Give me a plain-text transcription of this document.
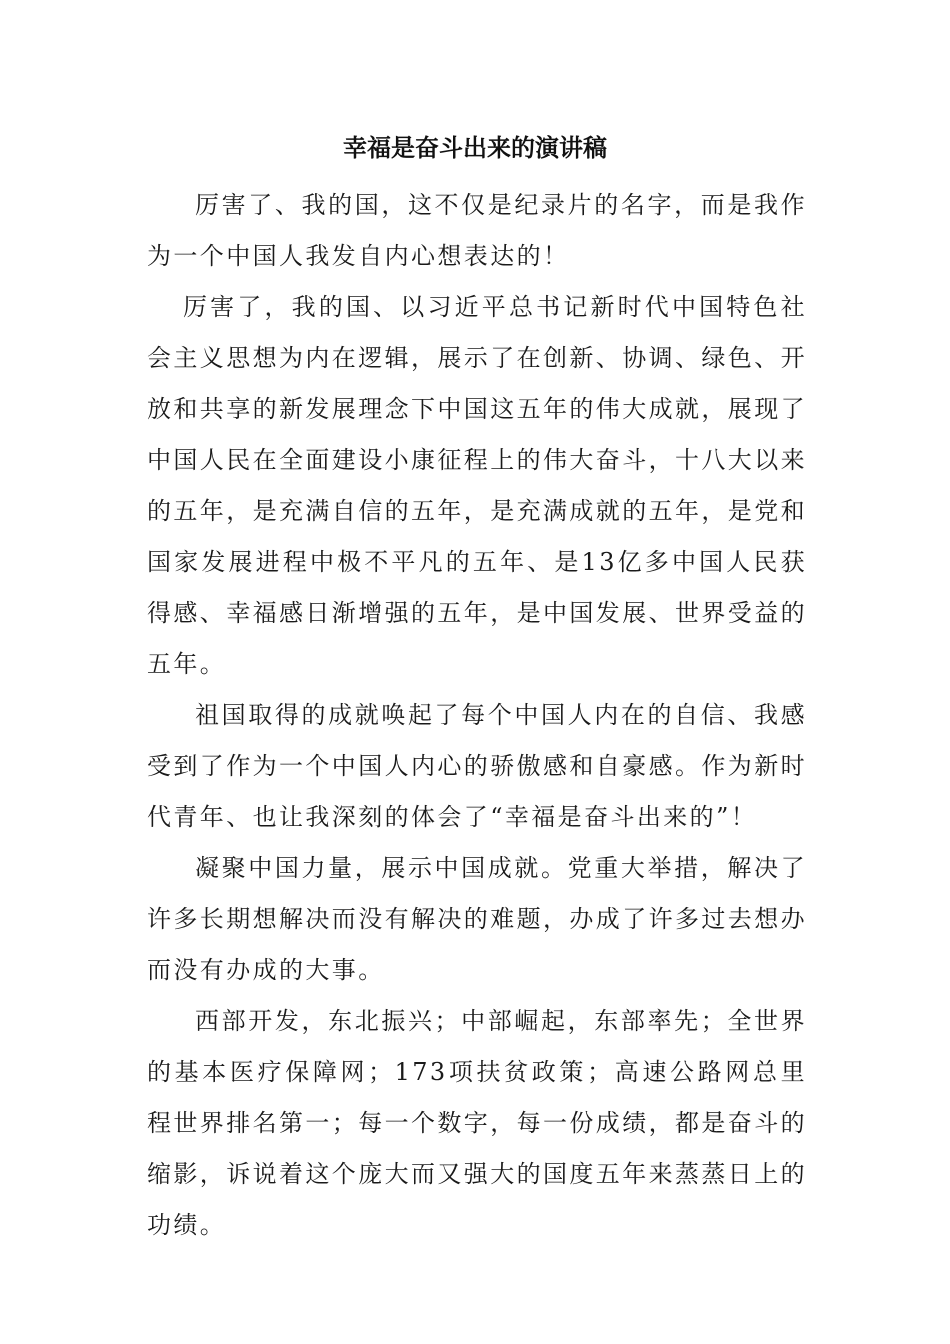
幸福是奋斗出来的演讲稿

厉害了、我的国，这不仅是纪录片的名字，而是我作为一个中国人我发自内心想表达的！

厉害了，我的国、以习近平总书记新时代中国特色社会主义思想为内在逻辑，展示了在创新、协调、绿色、开放和共享的新发展理念下中国这五年的伟大成就，展现了中国人民在全面建设小康征程上的伟大奋斗，十八大以来的五年，是充满自信的五年，是充满成就的五年，是党和国家发展进程中极不平凡的五年、是13亿多中国人民获得感、幸福感日渐增强的五年，是中国发展、世界受益的五年。

祖国取得的成就唤起了每个中国人内在的自信、我感受到了作为一个中国人内心的骄傲感和自豪感。作为新时代青年、也让我深刻的体会了“幸福是奋斗出来的”！

凝聚中国力量，展示中国成就。党重大举措，解决了许多长期想解决而没有解决的难题，办成了许多过去想办而没有办成的大事。

西部开发，东北振兴；中部崛起，东部率先；全世界的基本医疗保障网；173项扶贫政策；高速公路网总里程世界排名第一；每一个数字，每一份成绩，都是奋斗的缩影，诉说着这个庞大而又强大的国度五年来蒸蒸日上的功绩。
